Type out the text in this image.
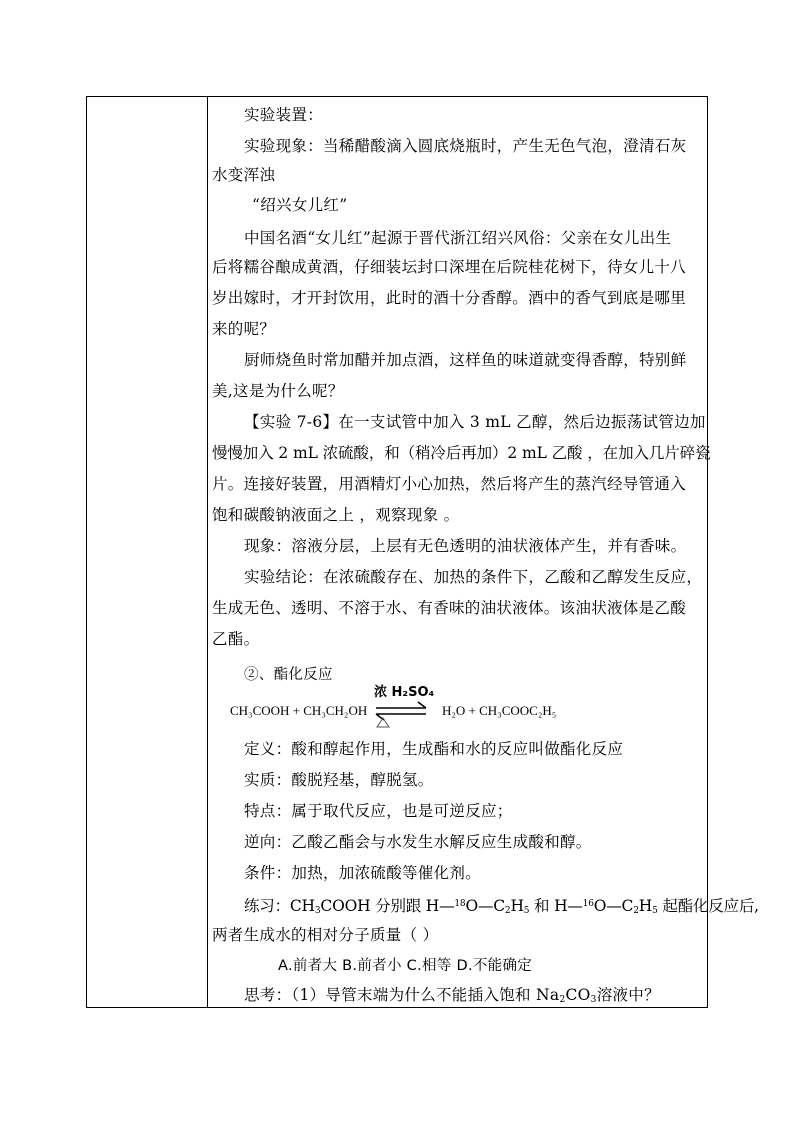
实验装置：
实验现象：当稀醋酸滴入圆底烧瓶时，产生无色气泡，澄清石灰
水变浑浊
“绍兴女儿红”
中国名酒“女儿红”起源于晋代浙江绍兴风俗：父亲在女儿出生
后将糯谷酿成黄酒，仔细装坛封口深埋在后院桂花树下，待女儿十八
岁出嫁时，才开封饮用，此时的酒十分香醇。酒中的香气到底是哪里
来的呢？
厨师烧鱼时常加醋并加点酒，这样鱼的味道就变得香醇，特别鲜
美,这是为什么呢？
【实验 7-6】在一支试管中加入 3 mL 乙醇，然后边振荡试管边加
慢慢加入 2 mL 浓硫酸，和（稍冷后再加）2 mL 乙酸 ，在加入几片碎瓷
片。连接好装置，用酒精灯小心加热，然后将产生的蒸汽经导管通入
饱和碳酸钠液面之上 ，观察现象 。
现象：溶液分层，上层有无色透明的油状液体产生，并有香味。
实验结论：在浓硫酸存在、加热的条件下，乙酸和乙醇发生反应，
生成无色、透明、不溶于水、有香味的油状液体。该油状液体是乙酸
乙酯。
②、酯化反应
浓 H₂SO₄
CH₃COOH + CH₃CH₂OH ⇌ H₂O + CH₃COOC₂H₅
定义：酸和醇起作用，生成酯和水的反应叫做酯化反应
实质：酸脱羟基，醇脱氢。
特点：属于取代反应，也是可逆反应；
逆向：乙酸乙酯会与水发生水解反应生成酸和醇。
条件：加热，加浓硫酸等催化剂。
练习：$CH_3COOH$ 分别跟 $H—^{18}O—C_2H_5$ 和 $H—^{16}O—C_2H_5$ 起酯化反应后,
两者生成水的相对分子质量（ ）
A.前者大 B.前者小 C.相等 D.不能确定
思考：（1）导管末端为什么不能插入饱和 $Na_2CO_3$溶液中？
